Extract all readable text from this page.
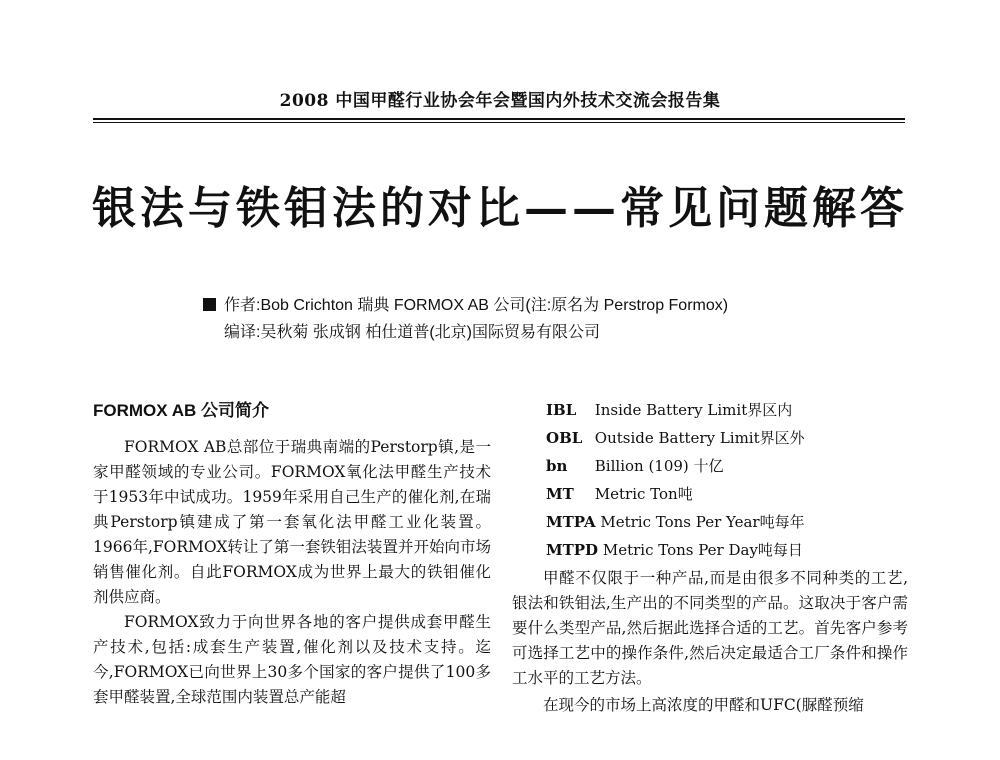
2008 中国甲醛行业协会年会暨国内外技术交流会报告集
银法与铁钼法的对比——常见问题解答
作者:Bob Crichton 瑞典 FORMOX AB 公司(注:原名为 Perstrop Formox)
编译:吴秋菊 张成钢 柏仕道普(北京)国际贸易有限公司
FORMOX AB 公司简介

FORMOX AB总部位于瑞典南端的Perstorp镇,是一家甲醛领域的专业公司。FORMOX氧化法甲醛生产技术于1953年中试成功。1959年采用自己生产的催化剂,在瑞典Perstorp镇建成了第一套氧化法甲醛工业化装置。1966年,FORMOX转让了第一套铁钼法装置并开始向市场销售催化剂。自此FORMOX成为世界上最大的铁钼催化剂供应商。

FORMOX致力于向世界各地的客户提供成套甲醛生产技术,包括:成套生产装置,催化剂以及技术支持。迄今,FORMOX已向世界上30多个国家的客户提供了100多套甲醛装置,全球范围内装置总产能超

IBL Inside Battery Limit界区内

OBL Outside Battery Limit界区外

bn Billion (109) 十亿

MT Metric Ton吨

MTPA Metric Tons Per Year吨每年

MTPD Metric Tons Per Day吨每日

甲醛不仅限于一种产品,而是由很多不同种类的工艺,银法和铁钼法,生产出的不同类型的产品。这取决于客户需要什么类型产品,然后据此选择合适的工艺。首先客户参考可选择工艺中的操作条件,然后决定最适合工厂条件和操作工水平的工艺方法。

在现今的市场上高浓度的甲醛和UFC(脲醛预缩
